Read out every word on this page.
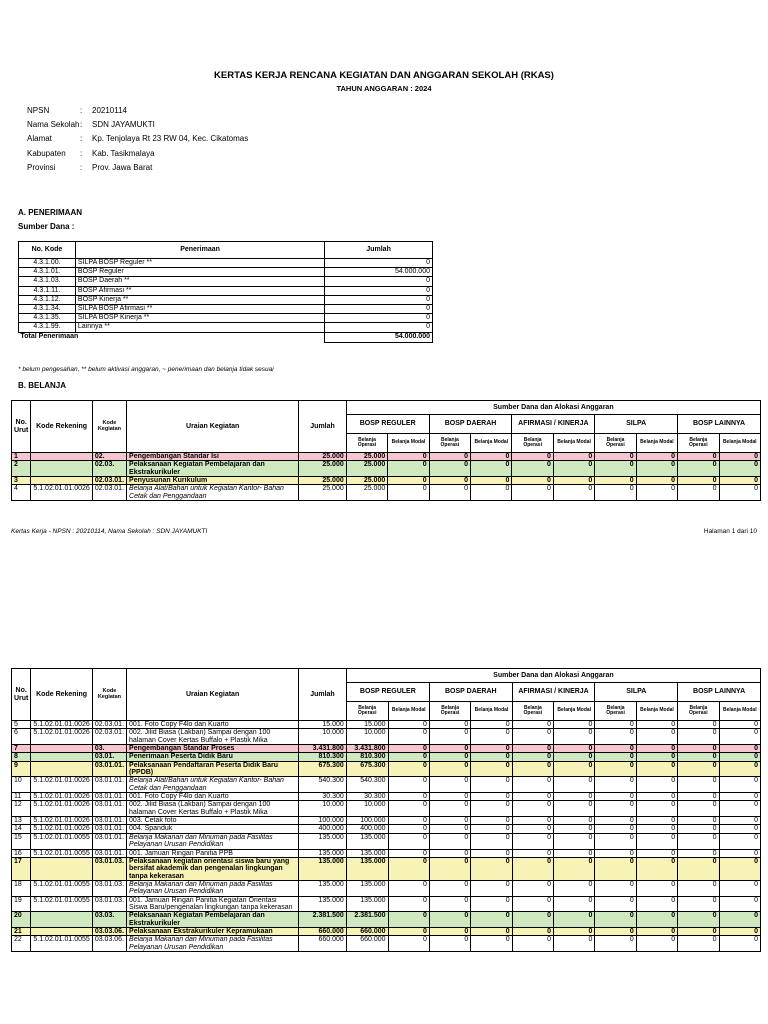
KERTAS KERJA RENCANA KEGIATAN DAN ANGGARAN SEKOLAH (RKAS)
TAHUN ANGGARAN : 2024
NPSN	:	20210114
Nama Sekolah :	SDN JAYAMUKTI
Alamat	:	Kp. Tenjolaya Rt 23 RW 04, Kec. Cikatomas
Kabupaten	:	Kab. Tasikmalaya
Provinsi	:	Prov. Jawa Barat
A. PENERIMAAN
Sumber Dana :
No. Kode	Penerimaan	Jumlah
4.3.1.00.	SILPA BOSP Reguler **	0
4.3.1.01.	BOSP Reguler	54.000.000
4.3.1.03.	BOSP Daerah **	0
4.3.1.11.	BOSP Afirmasi **	0
4.3.1.12.	BOSP Kinerja **	0
4.3.1.34.	SILPA BOSP Afirmasi **	0
4.3.1.35.	SILPA BOSP Kinerja **	0
4.3.1.99.	Lainnya **	0
Total Penerimaan		54.000.000
* belum pengesahan, ** belum aktivasi anggaran, ~ penerimaan dan belanja tidak sesuai
B. BELANJA
No. Urut	Kode Rekening	Kode Kegiatan	Uraian Kegiatan	Jumlah	Sumber Dana dan Alokasi Anggaran									
					BOSP REGULER		BOSP DAERAH		AFIRMASI / KINERJA		SILPA		BOSP LAINNYA	
					Belanja Operasi	Belanja Modal	Belanja Operasi	Belanja Modal	Belanja Operasi	Belanja Modal	Belanja Operasi	Belanja Modal	Belanja Operasi	Belanja Modal
1		02.	Pengembangan Standar Isi	25.000	25.000	0	0	0	0	0	0	0	0	0
2		02.03.	Pelaksanaan Kegiatan Pembelajaran dan Ekstrakurikuler	25.000	25.000	0	0	0	0	0	0	0	0	0
3		02.03.01.	Penyusunan Kurikulum	25.000	25.000	0	0	0	0	0	0	0	0	0
4	5.1.02.01.01.0026	02.03.01.	Belanja Alat/Bahan untuk Kegiatan Kantor- Bahan Cetak dan Penggandaan	25.000	25.000	0	0	0	0	0	0	0	0	0
Kertas Kerja - NPSN : 20210114, Nama Sekolah : SDN JAYAMUKTI	Halaman 1 dari 10
No. Urut	Kode Rekening	Kode Kegiatan	Uraian Kegiatan	Jumlah	Sumber Dana dan Alokasi Anggaran									
					BOSP REGULER		BOSP DAERAH		AFIRMASI / KINERJA		SILPA		BOSP LAINNYA	
					Belanja Operasi	Belanja Modal	Belanja Operasi	Belanja Modal	Belanja Operasi	Belanja Modal	Belanja Operasi	Belanja Modal	Belanja Operasi	Belanja Modal
5	5.1.02.01.01.0026	02.03.01.	001. Foto Copy F4lo dan Kuarto	15.000	15.000	0	0	0	0	0	0	0	0	0
6	5.1.02.01.01.0026	02.03.01.	002. Jilid Biasa (Lakban) Sampai dengan 100 halaman Cover Kertas Buffalo + Plastik Mika	10.000	10.000	0	0	0	0	0	0	0	0	0
7		03.	Pengembangan Standar Proses	3.431.800	3.431.800	0	0	0	0	0	0	0	0	0
8		03.01.	Penerimaan Peserta Didik Baru	810.300	810.300	0	0	0	0	0	0	0	0	0
9		03.01.01.	Pelaksanaan Pendaftaran Peserta Didik Baru (PPDB)	675.300	675.300	0	0	0	0	0	0	0	0	0
10	5.1.02.01.01.0026	03.01.01.	Belanja Alat/Bahan untuk Kegiatan Kantor- Bahan Cetak dan Penggandaan	540.300	540.300	0	0	0	0	0	0	0	0	0
11	5.1.02.01.01.0026	03.01.01.	001. Foto Copy F4lo dan Kuarto	30.300	30.300	0	0	0	0	0	0	0	0	0
12	5.1.02.01.01.0026	03.01.01.	002. Jilid Biasa (Lakban) Sampai dengan 100 halaman Cover Kertas Buffalo + Plastik Mika	10.000	10.000	0	0	0	0	0	0	0	0	0
13	5.1.02.01.01.0026	03.01.01.	003. Cetak foto	100.000	100.000	0	0	0	0	0	0	0	0	0
14	5.1.02.01.01.0026	03.01.01.	004. Spanduk	400.000	400.000	0	0	0	0	0	0	0	0	0
15	5.1.02.01.01.0055	03.01.01.	Belanja Makanan dan Minuman pada Fasilitas Pelayanan Urusan Pendidikan	135.000	135.000	0	0	0	0	0	0	0	0	0
16	5.1.02.01.01.0055	03.01.01.	001. Jamuan Ringan Panitia PPB	135.000	135.000	0	0	0	0	0	0	0	0	0
17		03.01.03.	Pelaksanaan kegiatan orientasi siswa baru yang bersifat akademik dan pengenalan lingkungan tanpa kekerasan	135.000	135.000	0	0	0	0	0	0	0	0	0
18	5.1.02.01.01.0055	03.01.03.	Belanja Makanan dan Minuman pada Fasilitas Pelayanan Urusan Pendidikan	135.000	135.000	0	0	0	0	0	0	0	0	0
19	5.1.02.01.01.0055	03.01.03.	001. Jamuan Ringan Panitia Kegiatan Orientasi Siswa Baru/pengenalan lingkungan tanpa kekerasan	135.000	135.000	0	0	0	0	0	0	0	0	0
20		03.03.	Pelaksanaan Kegiatan Pembelajaran dan Ekstrakurikuler	2.381.500	2.381.500	0	0	0	0	0	0	0	0	0
21		03.03.06.	Pelaksanaan Ekstrakurikuler Kepramukaan	660.000	660.000	0	0	0	0	0	0	0	0	0
22	5.1.02.01.01.0055	03.03.06.	Belanja Makanan dan Minuman pada Fasilitas Pelayanan Urusan Pendidikan	660.000	660.000	0	0	0	0	0	0	0	0	0
